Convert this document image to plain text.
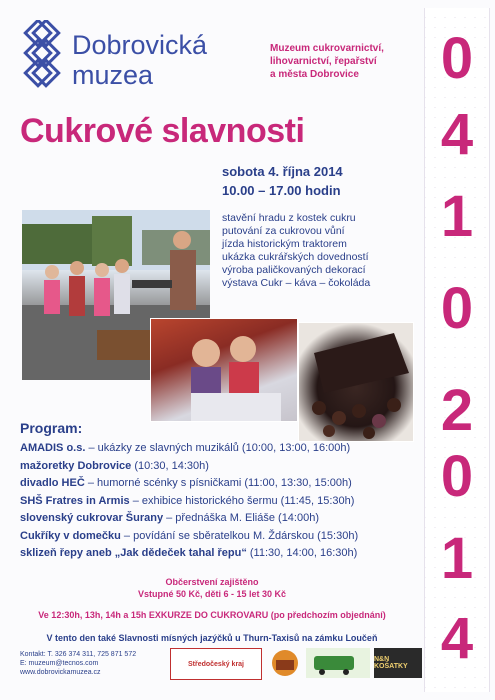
Dobrovická
muzea
Muzeum cukrovarnictví,
lihovarnictví, řepařství
a města Dobrovice	0
4
1
0
2
0
1
4
Cukrové slavnosti
sobota 4. října 2014
10.00 – 17.00 hodin
stavění hradu z kostek cukru
putování za cukrovou vůní
jízda historickým traktorem
ukázka cukrářských dovedností
výroba paličkovaných dekorací
výstava Cukr – káva – čokoláda
Program:
AMADIS o.s. – ukázky ze slavných muzikálů (10:00, 13:00, 16:00h)
mažoretky Dobrovice (10:30, 14:30h)
divadlo HEČ – humorné scénky s písničkami (11:00, 13:30, 15:00h)
SHŠ Fratres in Armis – exhibice historického šermu (11:45, 15:30h)
slovenský cukrovar Šurany – přednáška M. Eliáše (14:00h)
Cukříky v domečku – povídání se sběratelkou M. Ždárskou (15:30h)
sklizeň řepy aneb „Jak dědeček tahal řepu“ (11:30, 14:00, 16:30h)
Občerstvení zajištěno
Vstupné 50 Kč, děti 6 - 15 let 30 Kč
Ve 12:30h, 13h, 14h a 15h EXKURZE DO CUKROVARU (po předchozím objednání)
V tento den také Slavnosti mísných jazýčků u Thurn-Taxisů na zámku Loučeň
Kontakt: T. 326 374 311, 725 871 572
E: muzeum@tecnos.com
www.dobrovickamuzea.cz
Středočeský kraj
N&N KOŠATKY
